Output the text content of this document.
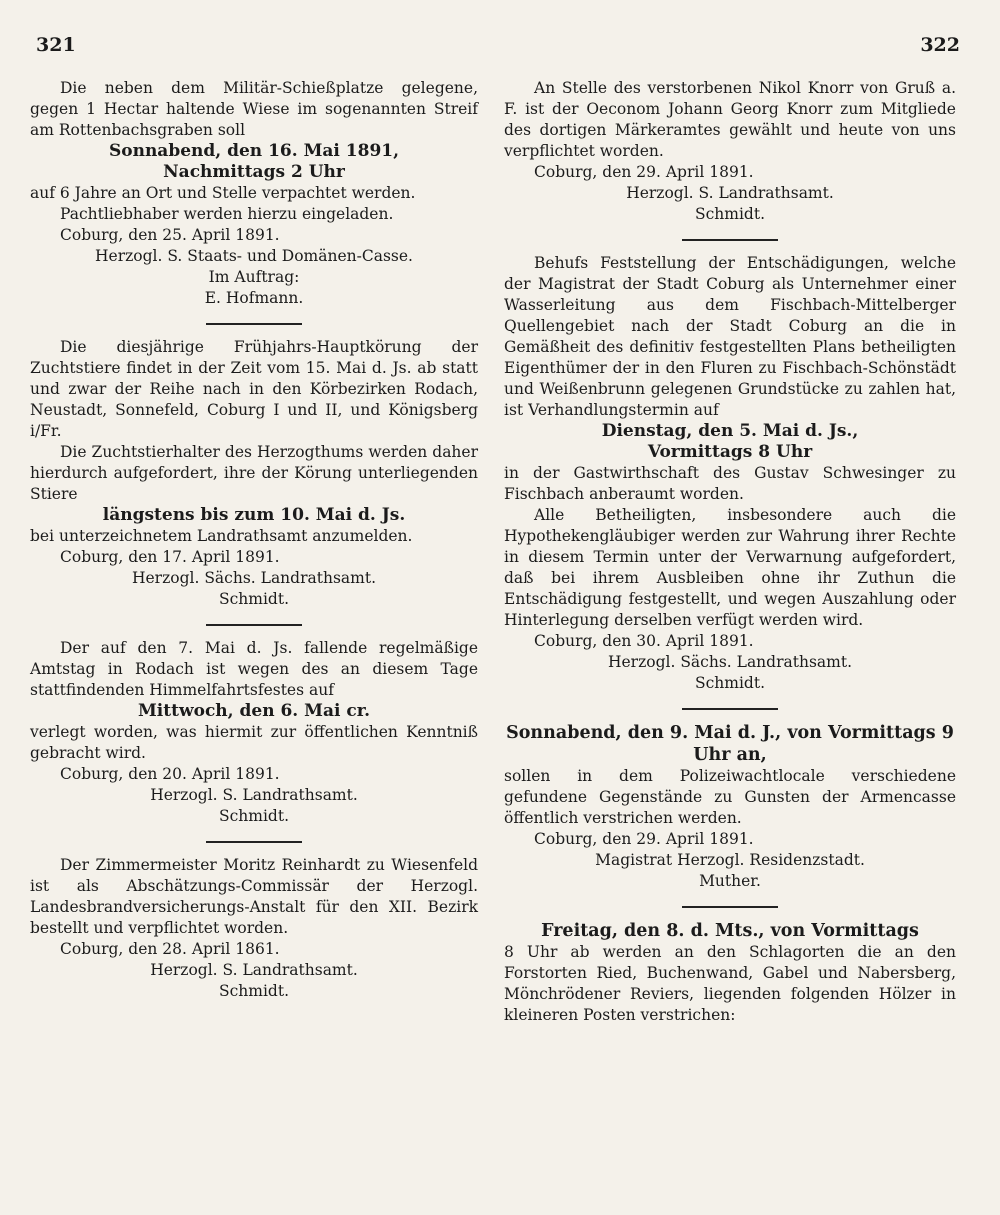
321	322

Die neben dem Militär-Schießplatze gelegene, gegen 1 Hectar haltende Wiese im sogenannten Streif am Rottenbachsgraben soll

Sonnabend, den 16. Mai 1891,

Nachmittags 2 Uhr

auf 6 Jahre an Ort und Stelle verpachtet werden.

Pachtliebhaber werden hierzu eingeladen.

Coburg, den 25. April 1891.

Herzogl. S. Staats- und Domänen-Casse.

Im Auftrag:

E. Hofmann.

Die diesjährige Frühjahrs-Hauptkörung der Zuchtstiere findet in der Zeit vom 15. Mai d. Js. ab statt und zwar der Reihe nach in den Körbezirken Rodach, Neustadt, Sonnefeld, Coburg I und II, und Königsberg i/Fr.

Die Zuchtstierhalter des Herzogthums werden daher hierdurch aufgefordert, ihre der Körung unterliegenden Stiere

längstens bis zum 10. Mai d. Js.

bei unterzeichnetem Landrathsamt anzumelden.

Coburg, den 17. April 1891.

Herzogl. Sächs. Landrathsamt.

Schmidt.

Der auf den 7. Mai d. Js. fallende regelmäßige Amtstag in Rodach ist wegen des an diesem Tage stattfindenden Himmelfahrtsfestes auf

Mittwoch, den 6. Mai cr.

verlegt worden, was hiermit zur öffentlichen Kenntniß gebracht wird.

Coburg, den 20. April 1891.

Herzogl. S. Landrathsamt.

Schmidt.

Der Zimmermeister Moritz Reinhardt zu Wiesenfeld ist als Abschätzungs-Commissär der Herzogl. Landesbrandversicherungs-Anstalt für den XII. Bezirk bestellt und verpflichtet worden.

Coburg, den 28. April 1861.

Herzogl. S. Landrathsamt.

Schmidt.

An Stelle des verstorbenen Nikol Knorr von Gruß a. F. ist der Oeconom Johann Georg Knorr zum Mitgliede des dortigen Märkeramtes gewählt und heute von uns verpflichtet worden.

Coburg, den 29. April 1891.

Herzogl. S. Landrathsamt.

Schmidt.

Behufs Feststellung der Entschädigungen, welche der Magistrat der Stadt Coburg als Unternehmer einer Wasserleitung aus dem Fischbach-Mittelberger Quellengebiet nach der Stadt Coburg an die in Gemäßheit des definitiv festgestellten Plans betheiligten Eigenthümer der in den Fluren zu Fischbach-Schönstädt und Weißenbrunn gelegenen Grundstücke zu zahlen hat, ist Verhandlungstermin auf

Dienstag, den 5. Mai d. Js.,

Vormittags 8 Uhr

in der Gastwirthschaft des Gustav Schwesinger zu Fischbach anberaumt worden.

Alle Betheiligten, insbesondere auch die Hypothekengläubiger werden zur Wahrung ihrer Rechte in diesem Termin unter der Verwarnung aufgefordert, daß bei ihrem Ausbleiben ohne ihr Zuthun die Entschädigung festgestellt, und wegen Auszahlung oder Hinterlegung derselben verfügt werden wird.

Coburg, den 30. April 1891.

Herzogl. Sächs. Landrathsamt.

Schmidt.

Sonnabend, den 9. Mai d. J., von Vormittags 9 Uhr an,

sollen in dem Polizeiwachtlocale verschiedene gefundene Gegenstände zu Gunsten der Armencasse öffentlich verstrichen werden.

Coburg, den 29. April 1891.

Magistrat Herzogl. Residenzstadt.

Muther.

Freitag, den 8. d. Mts., von Vormittags

8 Uhr ab werden an den Schlagorten die an den Forstorten Ried, Buchenwand, Gabel und Nabersberg, Mönchrödener Reviers, liegenden folgenden Hölzer in kleineren Posten verstrichen:
